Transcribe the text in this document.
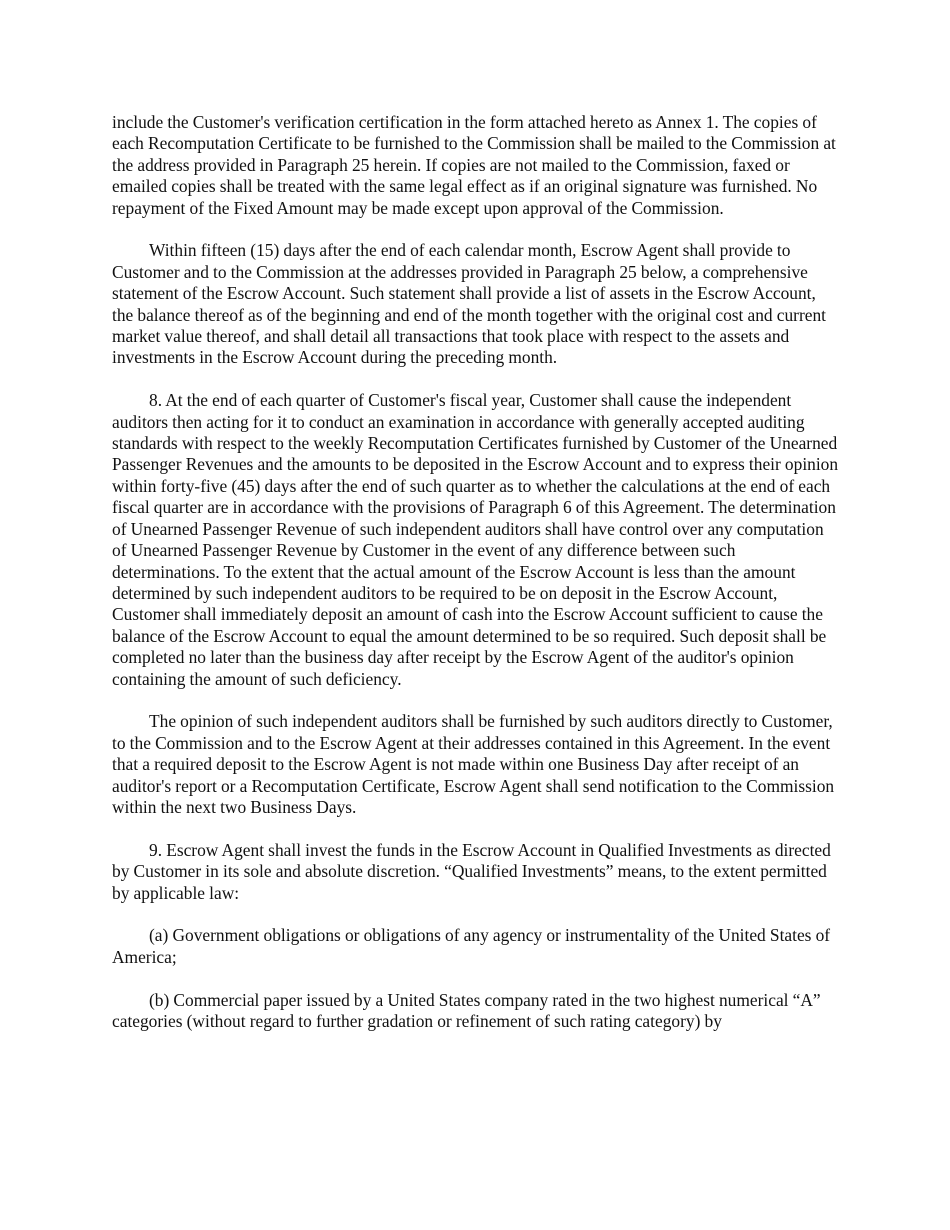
include the Customer's verification certification in the form attached hereto as Annex 1. The copies of each Recomputation Certificate to be furnished to the Commission shall be mailed to the Commission at the address provided in Paragraph 25 herein. If copies are not mailed to the Commission, faxed or emailed copies shall be treated with the same legal effect as if an original signature was furnished. No repayment of the Fixed Amount may be made except upon approval of the Commission.

Within fifteen (15) days after the end of each calendar month, Escrow Agent shall provide to Customer and to the Commission at the addresses provided in Paragraph 25 below, a comprehensive statement of the Escrow Account. Such statement shall provide a list of assets in the Escrow Account, the balance thereof as of the beginning and end of the month together with the original cost and current market value thereof, and shall detail all transactions that took place with respect to the assets and investments in the Escrow Account during the preceding month.

8. At the end of each quarter of Customer's fiscal year, Customer shall cause the independent auditors then acting for it to conduct an examination in accordance with generally accepted auditing standards with respect to the weekly Recomputation Certificates furnished by Customer of the Unearned Passenger Revenues and the amounts to be deposited in the Escrow Account and to express their opinion within forty-five (45) days after the end of such quarter as to whether the calculations at the end of each fiscal quarter are in accordance with the provisions of Paragraph 6 of this Agreement. The determination of Unearned Passenger Revenue of such independent auditors shall have control over any computation of Unearned Passenger Revenue by Customer in the event of any difference between such determinations. To the extent that the actual amount of the Escrow Account is less than the amount determined by such independent auditors to be required to be on deposit in the Escrow Account, Customer shall immediately deposit an amount of cash into the Escrow Account sufficient to cause the balance of the Escrow Account to equal the amount determined to be so required. Such deposit shall be completed no later than the business day after receipt by the Escrow Agent of the auditor's opinion containing the amount of such deficiency.

The opinion of such independent auditors shall be furnished by such auditors directly to Customer, to the Commission and to the Escrow Agent at their addresses contained in this Agreement. In the event that a required deposit to the Escrow Agent is not made within one Business Day after receipt of an auditor's report or a Recomputation Certificate, Escrow Agent shall send notification to the Commission within the next two Business Days.

9. Escrow Agent shall invest the funds in the Escrow Account in Qualified Investments as directed by Customer in its sole and absolute discretion. “Qualified Investments” means, to the extent permitted by applicable law:

(a) Government obligations or obligations of any agency or instrumentality of the United States of America;

(b) Commercial paper issued by a United States company rated in the two highest numerical “A” categories (without regard to further gradation or refinement of such rating category) by
